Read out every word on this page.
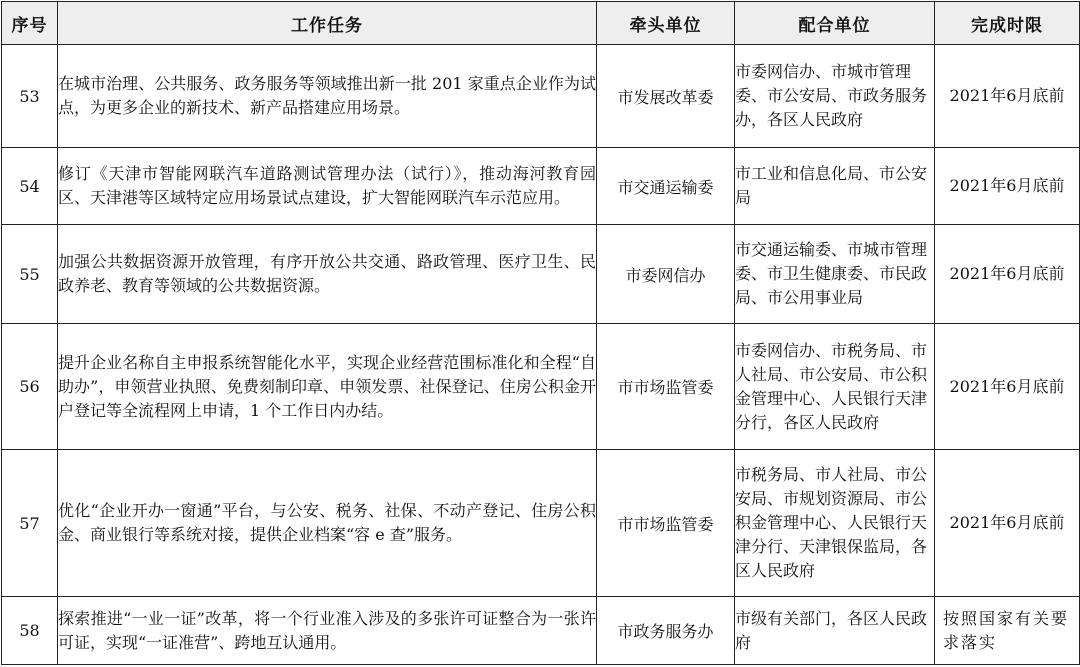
序号	工作任务	牵头单位	配合单位	完成时限
53	在城市治理、公共服务、政务服务等领域推出新一批 201 家重点企业作为试点，为更多企业的新技术、新产品搭建应用场景。	市发展改革委	市委网信办、市城市管理委、市公安局、市政务服务办，各区人民政府	2021年6月底前
54	修订《天津市智能网联汽车道路测试管理办法（试行）》，推动海河教育园区、天津港等区域特定应用场景试点建设，扩大智能网联汽车示范应用。	市交通运输委	市工业和信息化局、市公安局	2021年6月底前
55	加强公共数据资源开放管理，有序开放公共交通、路政管理、医疗卫生、民政养老、教育等领域的公共数据资源。	市委网信办	市交通运输委、市城市管理委、市卫生健康委、市民政局、市公用事业局	2021年6月底前
56	提升企业名称自主申报系统智能化水平，实现企业经营范围标准化和全程“自助办”，申领营业执照、免费刻制印章、申领发票、社保登记、住房公积金开户登记等全流程网上申请，1 个工作日内办结。	市市场监管委	市委网信办、市税务局、市人社局、市公安局、市公积金管理中心、人民银行天津分行，各区人民政府	2021年6月底前
57	优化“企业开办一窗通”平台，与公安、税务、社保、不动产登记、住房公积金、商业银行等系统对接，提供企业档案“容 e 查”服务。	市市场监管委	市税务局、市人社局、市公安局、市规划资源局、市公积金管理中心、人民银行天津分行、天津银保监局，各区人民政府	2021年6月底前
58	探索推进“一业一证”改革，将一个行业准入涉及的多张许可证整合为一张许可证，实现“一证准营”、跨地互认通用。	市政务服务办	市级有关部门，各区人民政府	按照国家有关要求落实
